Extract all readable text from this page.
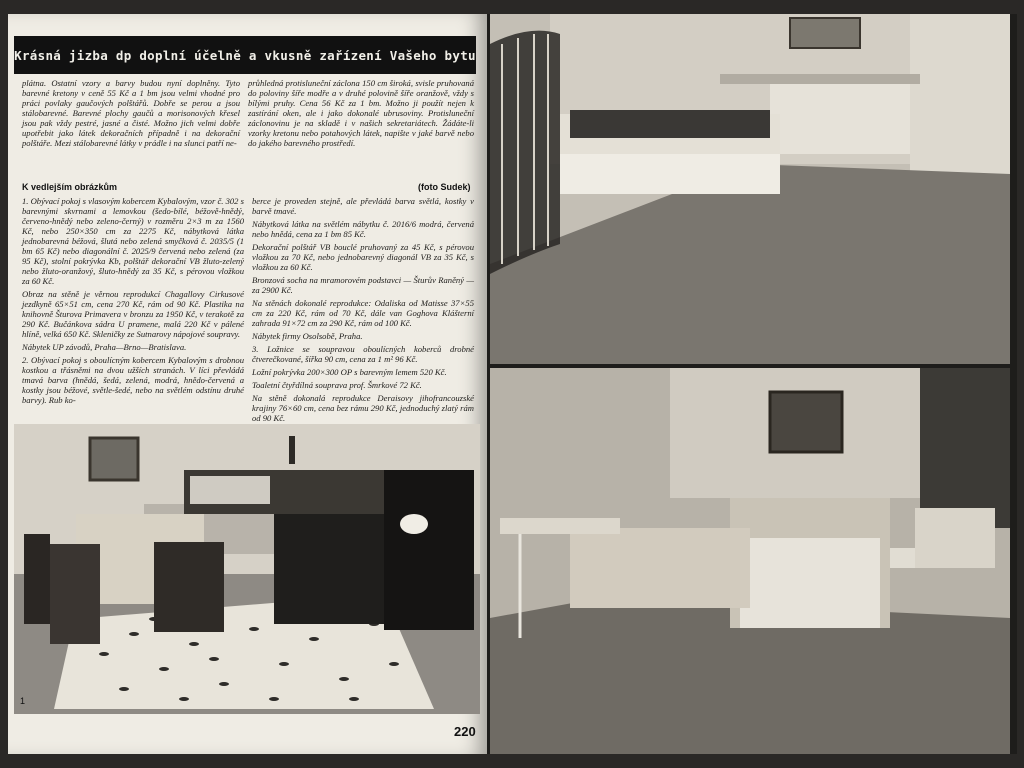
Krásná jizba dp doplní účelně a vkusně zařízení Vašeho bytu
plátna. Ostatní vzory a barvy budou nyní doplněny. Tyto barevné kretony v ceně 55 Kč a 1 bm jsou velmi vhodné pro práci povlaky gaučových polštářů. Dobře se perou a jsou stálobarevné. Barevné plochy gaučů a morisonových křesel jsou pak vždy pestré, jasné a čisté. Možno jich velmi dobře upotřebit jako látek dekoračních případně i na dekorační polštáře. Mezi stálobarevné látky v prádle i na slunci patří ne-
průhledná protisluneční záclona 150 cm široká, svisle pruhovaná do poloviny šíře modře a v druhé polovině šíře oranžově, vždy s bílými pruhy. Cena 56 Kč za 1 bm. Možno ji použít nejen k zastírání oken, ale i jako dokonalé ubrusoviny. Protisluneční záclonovinu je na skladě i v našich sekretariátech. Žádáte-li vzorky kretonu nebo potahových látek, napište v jaké barvě nebo do jakého barevného prostředí.
K vedlejším obrázkům	(foto Sudek)

1. Obývací pokoj s vlasovým kobercem Kybalovým, vzor č. 302 s barevnými skvrnami a lemovkou (šedo-bílé, béžově-hnědý, červeno-hnědý nebo zeleno-černý) v rozměru 2×3 m za 1560 Kč, nebo 250×350 cm za 2275 Kč, nábytková látka jednobarevná béžová, šlutá nebo zelená smyčková č. 2035/5 (1 bm 65 Kč) nebo diagonální č. 2025/9 červená nebo zelená (za 95 Kč), stolní pokrývka Kb, polštář dekorační VB žluto-zelený nebo žluto-oranžový, šluto-hnědý za 35 Kč, s pérovou vložkou za 60 Kč.

Obraz na stěně je věrnou reprodukcí Chagallovy Cirkusové jezdkyně 65×51 cm, cena 270 Kč, rám od 90 Kč. Plastika na knihovně Šturova Primavera v bronzu za 1950 Kč, v terakotě za 290 Kč. Bučánkova sádra U pramene, malá 220 Kč v pálené hlíně, velká 650 Kč. Skleničky ze Sutnarovy nápojové soupravy.

Nábytek UP závodů, Praha—Brno—Bratislava.

2. Obývací pokoj s oboulícným kobercem Kybalovým s drobnou kostkou a třásněmi na dvou užších stranách. V líci převládá tmavá barva (hnědá, šedá, zelená, modrá, hnědo-červená a kostky jsou béžové, světle-šedé, nebo na světlém odstínu druhé barvy). Rub ko-

berce je proveden stejně, ale převládá barva světlá, kostky v barvě tmavé.

Nábytková látka na světlém nábytku č. 2016/6 modrá, červená nebo hnědá, cena za 1 bm 85 Kč.

Dekorační polštář VB bouclé pruhovaný za 45 Kč, s pérovou vložkou za 70 Kč, nebo jednobarevný diagonál VB za 35 Kč, s vložkou za 60 Kč.

Bronzová socha na mramorovém podstavci — Šturův Raněný — za 2900 Kč.

Na stěnách dokonalé reprodukce: Odaliska od Matisse 37×55 cm za 220 Kč, rám od 70 Kč, dále van Goghova Klášterní zahrada 91×72 cm za 290 Kč, rám od 100 Kč.

Nábytek firmy Osolsobě, Praha.

3. Ložnice se soupravou oboulícných koberců drobné čtverečkované, šířka 90 cm, cena za 1 m² 96 Kč.

Ložní pokrývka 200×300 OP s barevným lemem 520 Kč.

Toaletní čtyřdílná souprava prof. Šmrkové 72 Kč.

Na stěně dokonalá reprodukce Deraisovy jihofrancouzské krajiny 76×60 cm, cena bez rámu 290 Kč, jednoduchý zlatý rám od 90 Kč.

1
220
